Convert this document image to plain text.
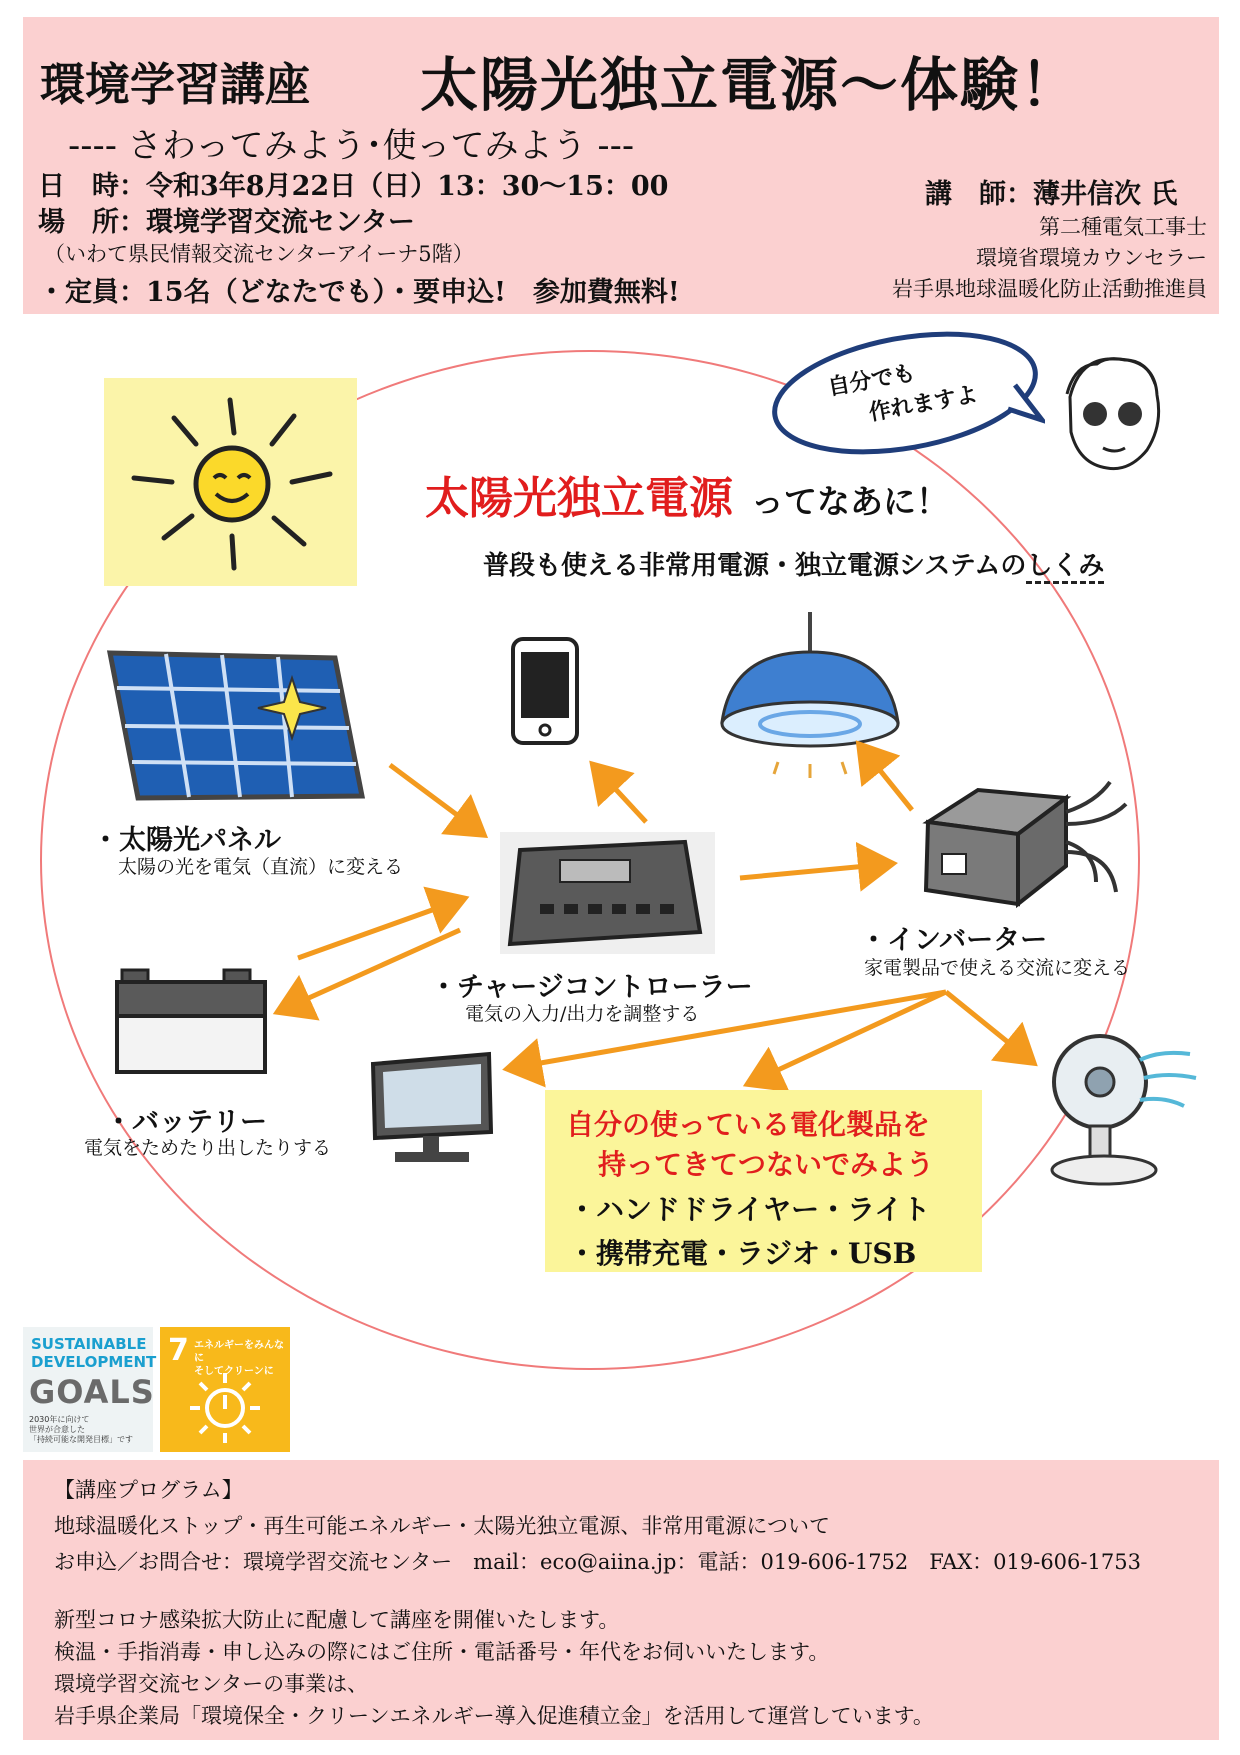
環境学習講座 太陽光独立電源～体験！
---- さわってみよう･使ってみよう ---
日　時：令和3年8月22日（日）13：30～15：00
場　所：環境学習交流センター
（いわて県民情報交流センターアイーナ5階）
・定員：15名（どなたでも）・要申込!　参加費無料!
講　師：薄井信次 氏
第二種電気工事士
環境省環境カウンセラー
岩手県地球温暖化防止活動推進員
自分でも
作れますよ
太陽光独立電源 ってなあに！
普段も使える非常用電源・独立電源システムのしくみ
・太陽光パネル
太陽の光を電気（直流）に変える
・チャージコントローラー
電気の入力/出力を調整する
・インバーター
家電製品で使える交流に変える
・バッテリー
電気をためたり出したりする
自分の使っている電化製品を
持ってきてつないでみよう
・ハンドドライヤー・ライト
・携帯充電・ラジオ・USB
SUSTAINABLE
DEVELOPMENT
GOALS
2030年に向けて
世界が合意した
「持続可能な開発目標」です
7 エネルギーをみんなに
そしてクリーンに
【講座プログラム】
地球温暖化ストップ・再生可能エネルギー・太陽光独立電源、非常用電源について
お申込／お問合せ：環境学習交流センター　mail：eco@aiina.jp：電話：019-606-1752　FAX：019-606-1753
新型コロナ感染拡大防止に配慮して講座を開催いたします。
検温・手指消毒・申し込みの際にはご住所・電話番号・年代をお伺いいたします。
環境学習交流センターの事業は、
岩手県企業局「環境保全・クリーンエネルギー導入促進積立金」を活用して運営しています。
